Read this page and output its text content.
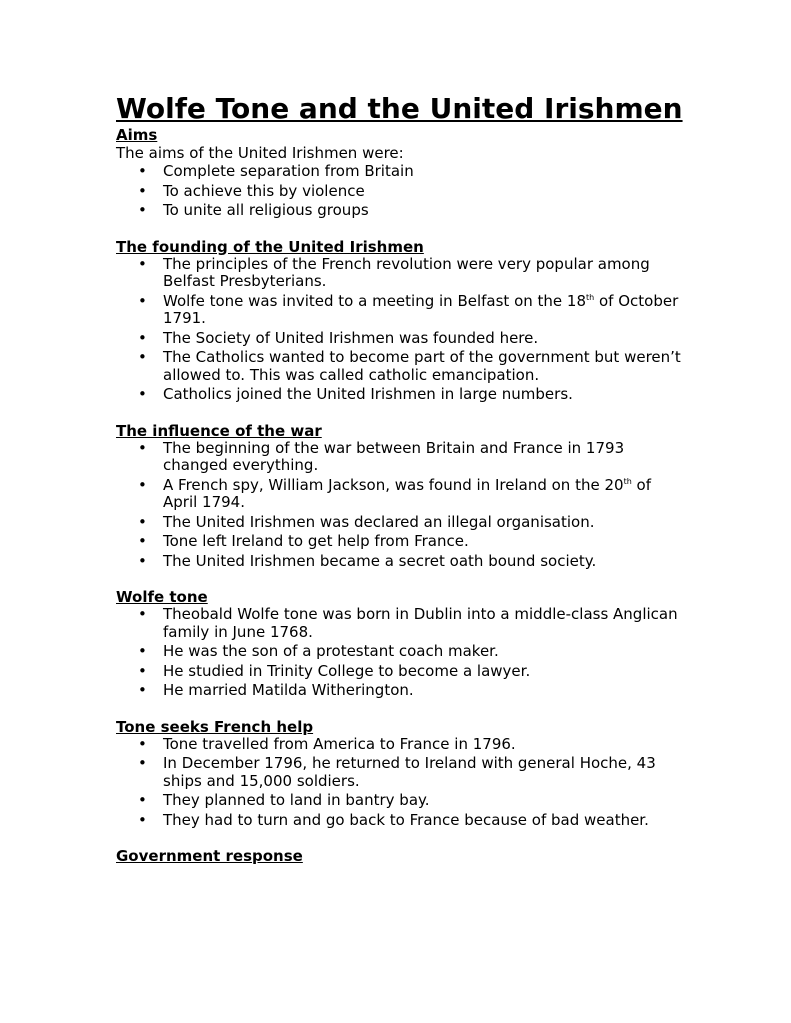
Wolfe Tone and the United Irishmen
Aims

The aims of the United Irishmen were:

• Complete separation from Britain
• To achieve this by violence
• To unite all religious groups
The founding of the United Irishmen
• The principles of the French revolution were very popular among Belfast Presbyterians.
• Wolfe tone was invited to a meeting in Belfast on the 18th of October 1791.
• The Society of United Irishmen was founded here.
• The Catholics wanted to become part of the government but weren’t allowed to. This was called catholic emancipation.
• Catholics joined the United Irishmen in large numbers.
The influence of the war
• The beginning of the war between Britain and France in 1793 changed everything.
• A French spy, William Jackson, was found in Ireland on the 20th of April 1794.
• The United Irishmen was declared an illegal organisation.
• Tone left Ireland to get help from France.
• The United Irishmen became a secret oath bound society.
Wolfe tone
• Theobald Wolfe tone was born in Dublin into a middle-class Anglican family in June 1768.
• He was the son of a protestant coach maker.
• He studied in Trinity College to become a lawyer.
• He married Matilda Witherington.
Tone seeks French help
• Tone travelled from America to France in 1796.
• In December 1796, he returned to Ireland with general Hoche, 43 ships and 15,000 soldiers.
• They planned to land in bantry bay.
• They had to turn and go back to France because of bad weather.
Government response
